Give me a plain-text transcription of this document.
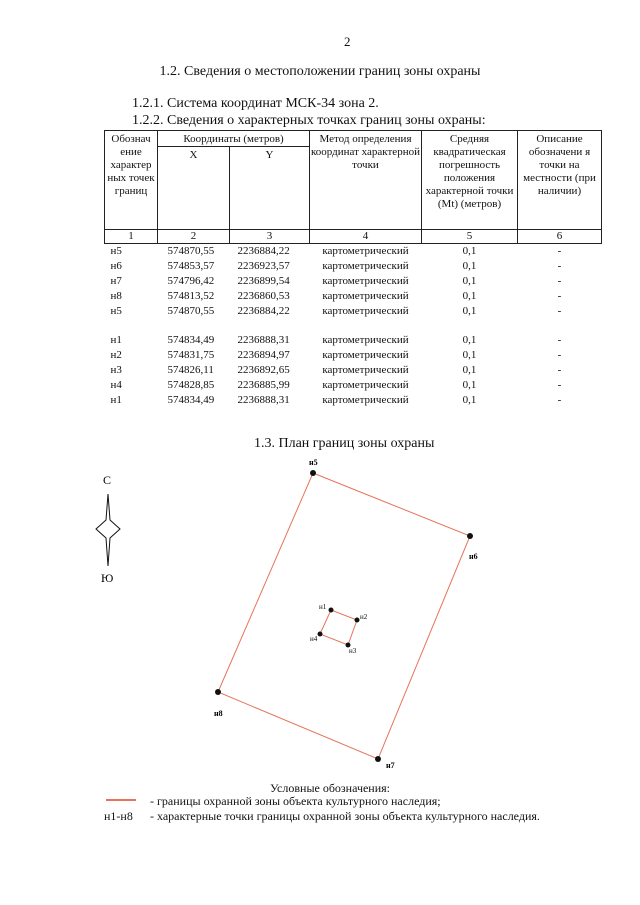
2
1.2. Сведения о местоположении границ зоны охраны
1.2.1. Система координат МСК-34 зона 2.
1.2.2. Сведения о характерных точках границ зоны охраны:
Обознач ение характер ных точек границ	Координаты (метров)		Метод определения координат характерной точки	Средняя квадратическая погрешность положения характерной точки (Mt) (метров)	Описание обозначени я точки на местности (при наличии)
	X	Y			
1	2	3	4	5	6
н5	574870,55	2236884,22	картометрический	0,1	-
н6	574853,57	2236923,57	картометрический	0,1	-
н7	574796,42	2236899,54	картометрический	0,1	-
н8	574813,52	2236860,53	картометрический	0,1	-
н5	574870,55	2236884,22	картометрический	0,1	-

н1	574834,49	2236888,31	картометрический	0,1	-
н2	574831,75	2236894,97	картометрический	0,1	-
н3	574826,11	2236892,65	картометрический	0,1	-
н4	574828,85	2236885,99	картометрический	0,1	-
н1	574834,49	2236888,31	картометрический	0,1	-
1.3. План границ зоны охраны
С
Ю
н5
н6
н7
н8
н1
н2
н3
н4
Условные обозначения:
- границы охранной зоны объекта культурного наследия;
н1-н8 - характерные точки границы охранной зоны объекта культурного наследия.
